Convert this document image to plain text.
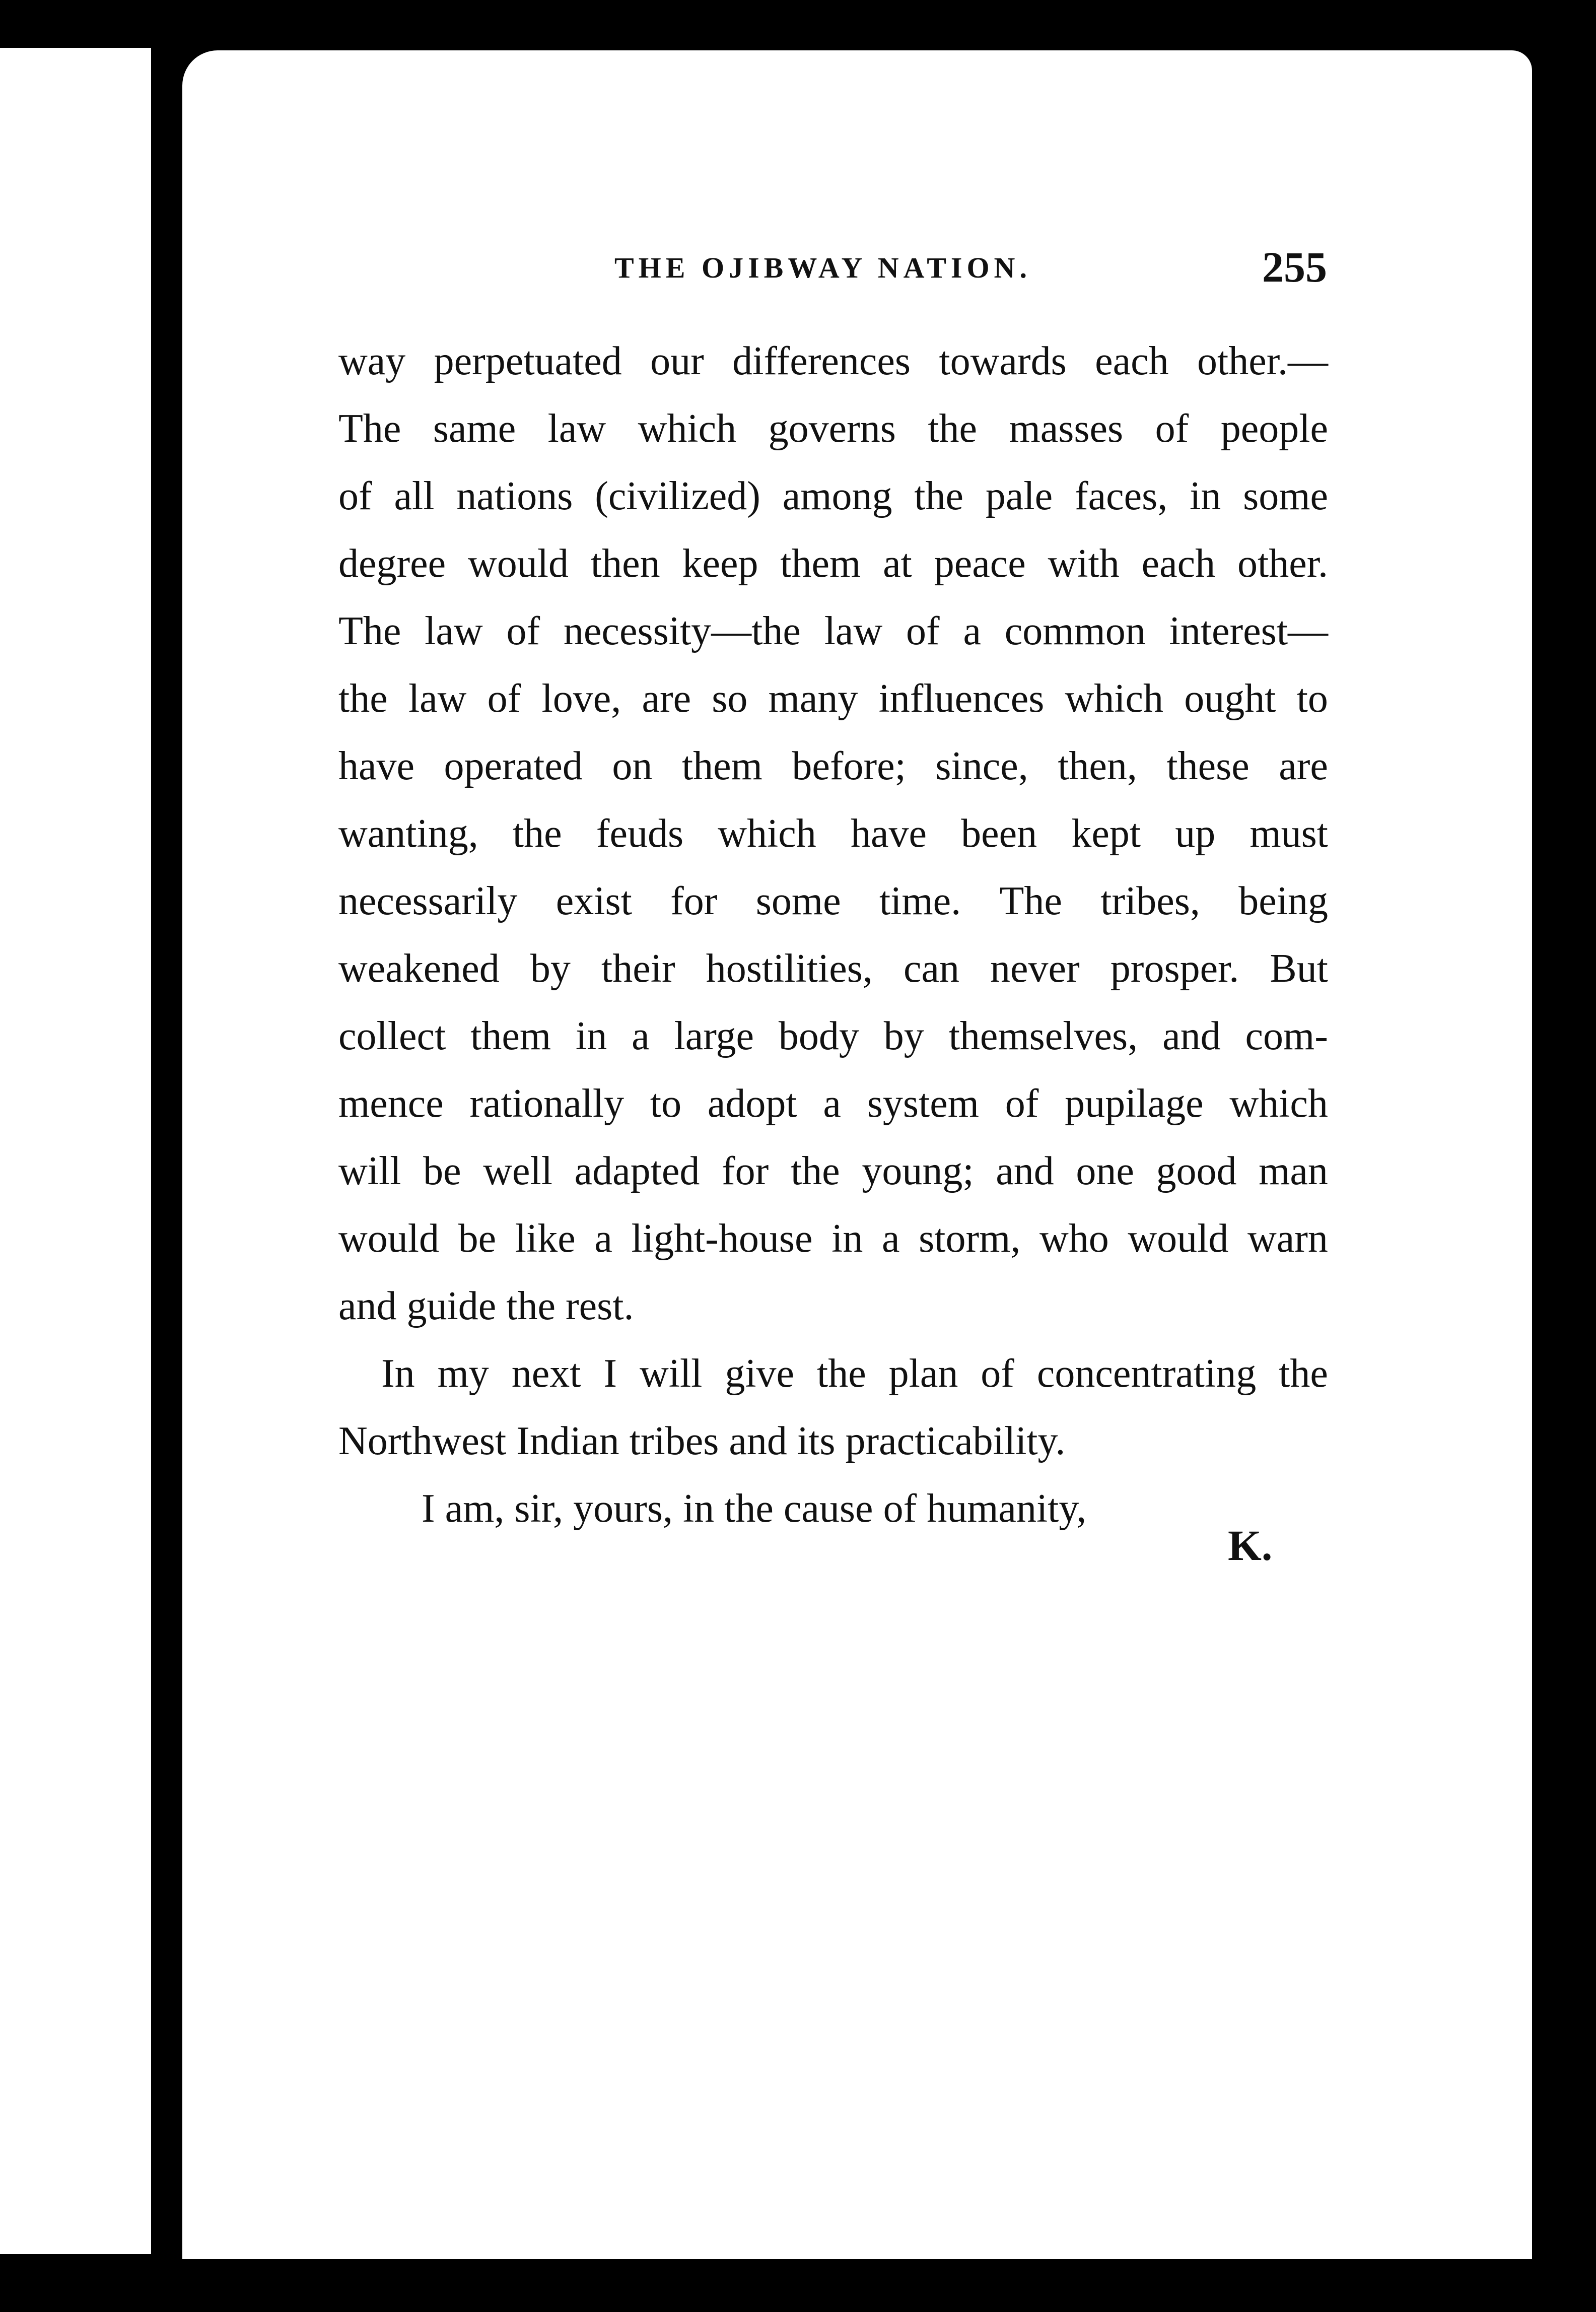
THE OJIBWAY NATION.	255
way perpetuated our differences towards each other.—
The same law which governs the masses of people
of all nations (civilized) among the pale faces, in some
degree would then keep them at peace with each other.
The law of necessity—the law of a common interest—
the law of love, are so many influences which ought to
have operated on them before; since, then, these are
wanting, the feuds which have been kept up must
necessarily exist for some time. The tribes, being
weakened by their hostilities, can never prosper. But
collect them in a large body by themselves, and com-
mence rationally to adopt a system of pupilage which
will be well adapted for the young; and one good man
would be like a light-house in a storm, who would warn
and guide the rest.
In my next I will give the plan of concentrating the
Northwest Indian tribes and its practicability.
I am, sir, yours, in the cause of humanity,
K.
